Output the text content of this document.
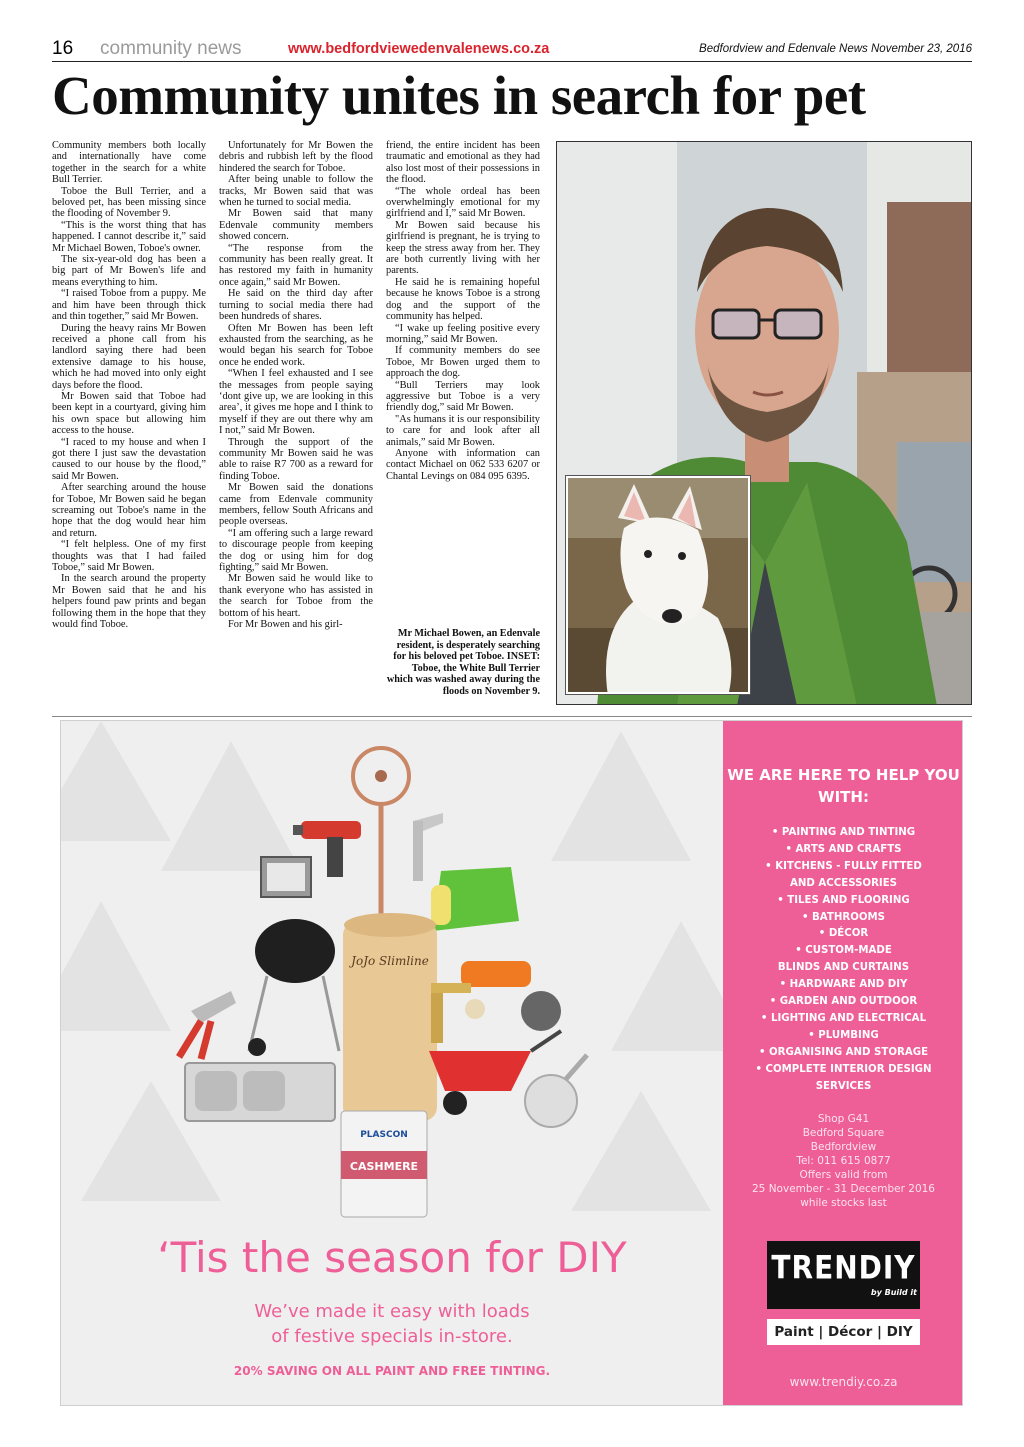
16 community news	www.bedfordviewedenvalenews.co.za	Bedfordview and Edenvale News November 23, 2016
Community unites in search for pet

Community members both locally and internationally have come together in the search for a white Bull Terrier.

Toboe the Bull Terrier, and a beloved pet, has been missing since the flooding of November 9.

“This is the worst thing that has happened. I cannot describe it,” said Mr Michael Bowen, Toboe's owner.

The six-year-old dog has been a big part of Mr Bowen's life and means everything to him.

“I raised Toboe from a puppy. Me and him have been through thick and thin together,” said Mr Bowen.

During the heavy rains Mr Bowen received a phone call from his landlord saying there had been extensive damage to his house, which he had moved into only eight days before the flood.

Mr Bowen said that Toboe had been kept in a courtyard, giving him his own space but allowing him access to the house.

“I raced to my house and when I got there I just saw the devastation caused to our house by the flood,” said Mr Bowen.

After searching around the house for Toboe, Mr Bowen said he began screaming out Toboe's name in the hope that the dog would hear him and return.

“I felt helpless. One of my first thoughts was that I had failed Toboe,” said Mr Bowen.

In the search around the property Mr Bowen said that he and his helpers found paw prints and began following them in the hope that they would find Toboe.

Unfortunately for Mr Bowen the debris and rubbish left by the flood hindered the search for Toboe.

After being unable to follow the tracks, Mr Bowen said that was when he turned to social media.

Mr Bowen said that many Edenvale community members showed concern.

“The response from the community has been really great. It has restored my faith in humanity once again,” said Mr Bowen.

He said on the third day after turning to social media there had been hundreds of shares.

Often Mr Bowen has been left exhausted from the searching, as he would began his search for Toboe once he ended work.

“When I feel exhausted and I see the messages from people saying ‘dont give up, we are looking in this area’, it gives me hope and I think to myself if they are out there why am I not,” said Mr Bowen.

Through the support of the community Mr Bowen said he was able to raise R7 700 as a reward for finding Toboe.

Mr Bowen said the donations came from Edenvale community members, fellow South Africans and people overseas.

“I am offering such a large reward to discourage people from keeping the dog or using him for dog fighting,” said Mr Bowen.

Mr Bowen said he would like to thank everyone who has assisted in the search for Toboe from the bottom of his heart.

For Mr Bowen and his girl-

friend, the entire incident has been traumatic and emotional as they had also lost most of their possessions in the flood.

“The whole ordeal has been overwhelmingly emotional for my girlfriend and I,” said Mr Bowen.

Mr Bowen said because his girlfriend is pregnant, he is trying to keep the stress away from her. They are both currently living with her parents.

He said he is remaining hopeful because he knows Toboe is a strong dog and the support of the community has helped.

“I wake up feeling positive every morning,” said Mr Bowen.

If community members do see Toboe, Mr Bowen urged them to approach the dog.

“Bull Terriers may look aggressive but Toboe is a very friendly dog,” said Mr Bowen.

"As humans it is our responsibility to care for and look after all animals,” said Mr Bowen.

Anyone with information can contact Michael on 062 533 6207 or Chantal Levings on 084 095 6395.

Mr Michael Bowen, an Edenvale resident, is desperately searching for his beloved pet Toboe. INSET: Toboe, the White Bull Terrier which was washed away during the floods on November 9.
JoJo Slimline
PLASCON
CASHMERE
‘Tis the season for DIY
We’ve made it easy with loads
of festive specials in-store.
20% SAVING ON ALL PAINT AND FREE TINTING.
WE ARE HERE TO HELP YOU WITH:
• PAINTING AND TINTING
• ARTS AND CRAFTS
• KITCHENS - FULLY FITTED
AND ACCESSORIES
• TILES AND FLOORING
• BATHROOMS
• DÉCOR
• CUSTOM-MADE
BLINDS AND CURTAINS
• HARDWARE AND DIY
• GARDEN AND OUTDOOR
• LIGHTING AND ELECTRICAL
• PLUMBING
• ORGANISING AND STORAGE
• COMPLETE INTERIOR DESIGN
SERVICES
Shop G41
Bedford Square
Bedfordview
Tel: 011 615 0877
Offers valid from
25 November - 31 December 2016
while stocks last
TRENDIY
by Build it
Paint | Décor | DIY
www.trendiy.co.za
